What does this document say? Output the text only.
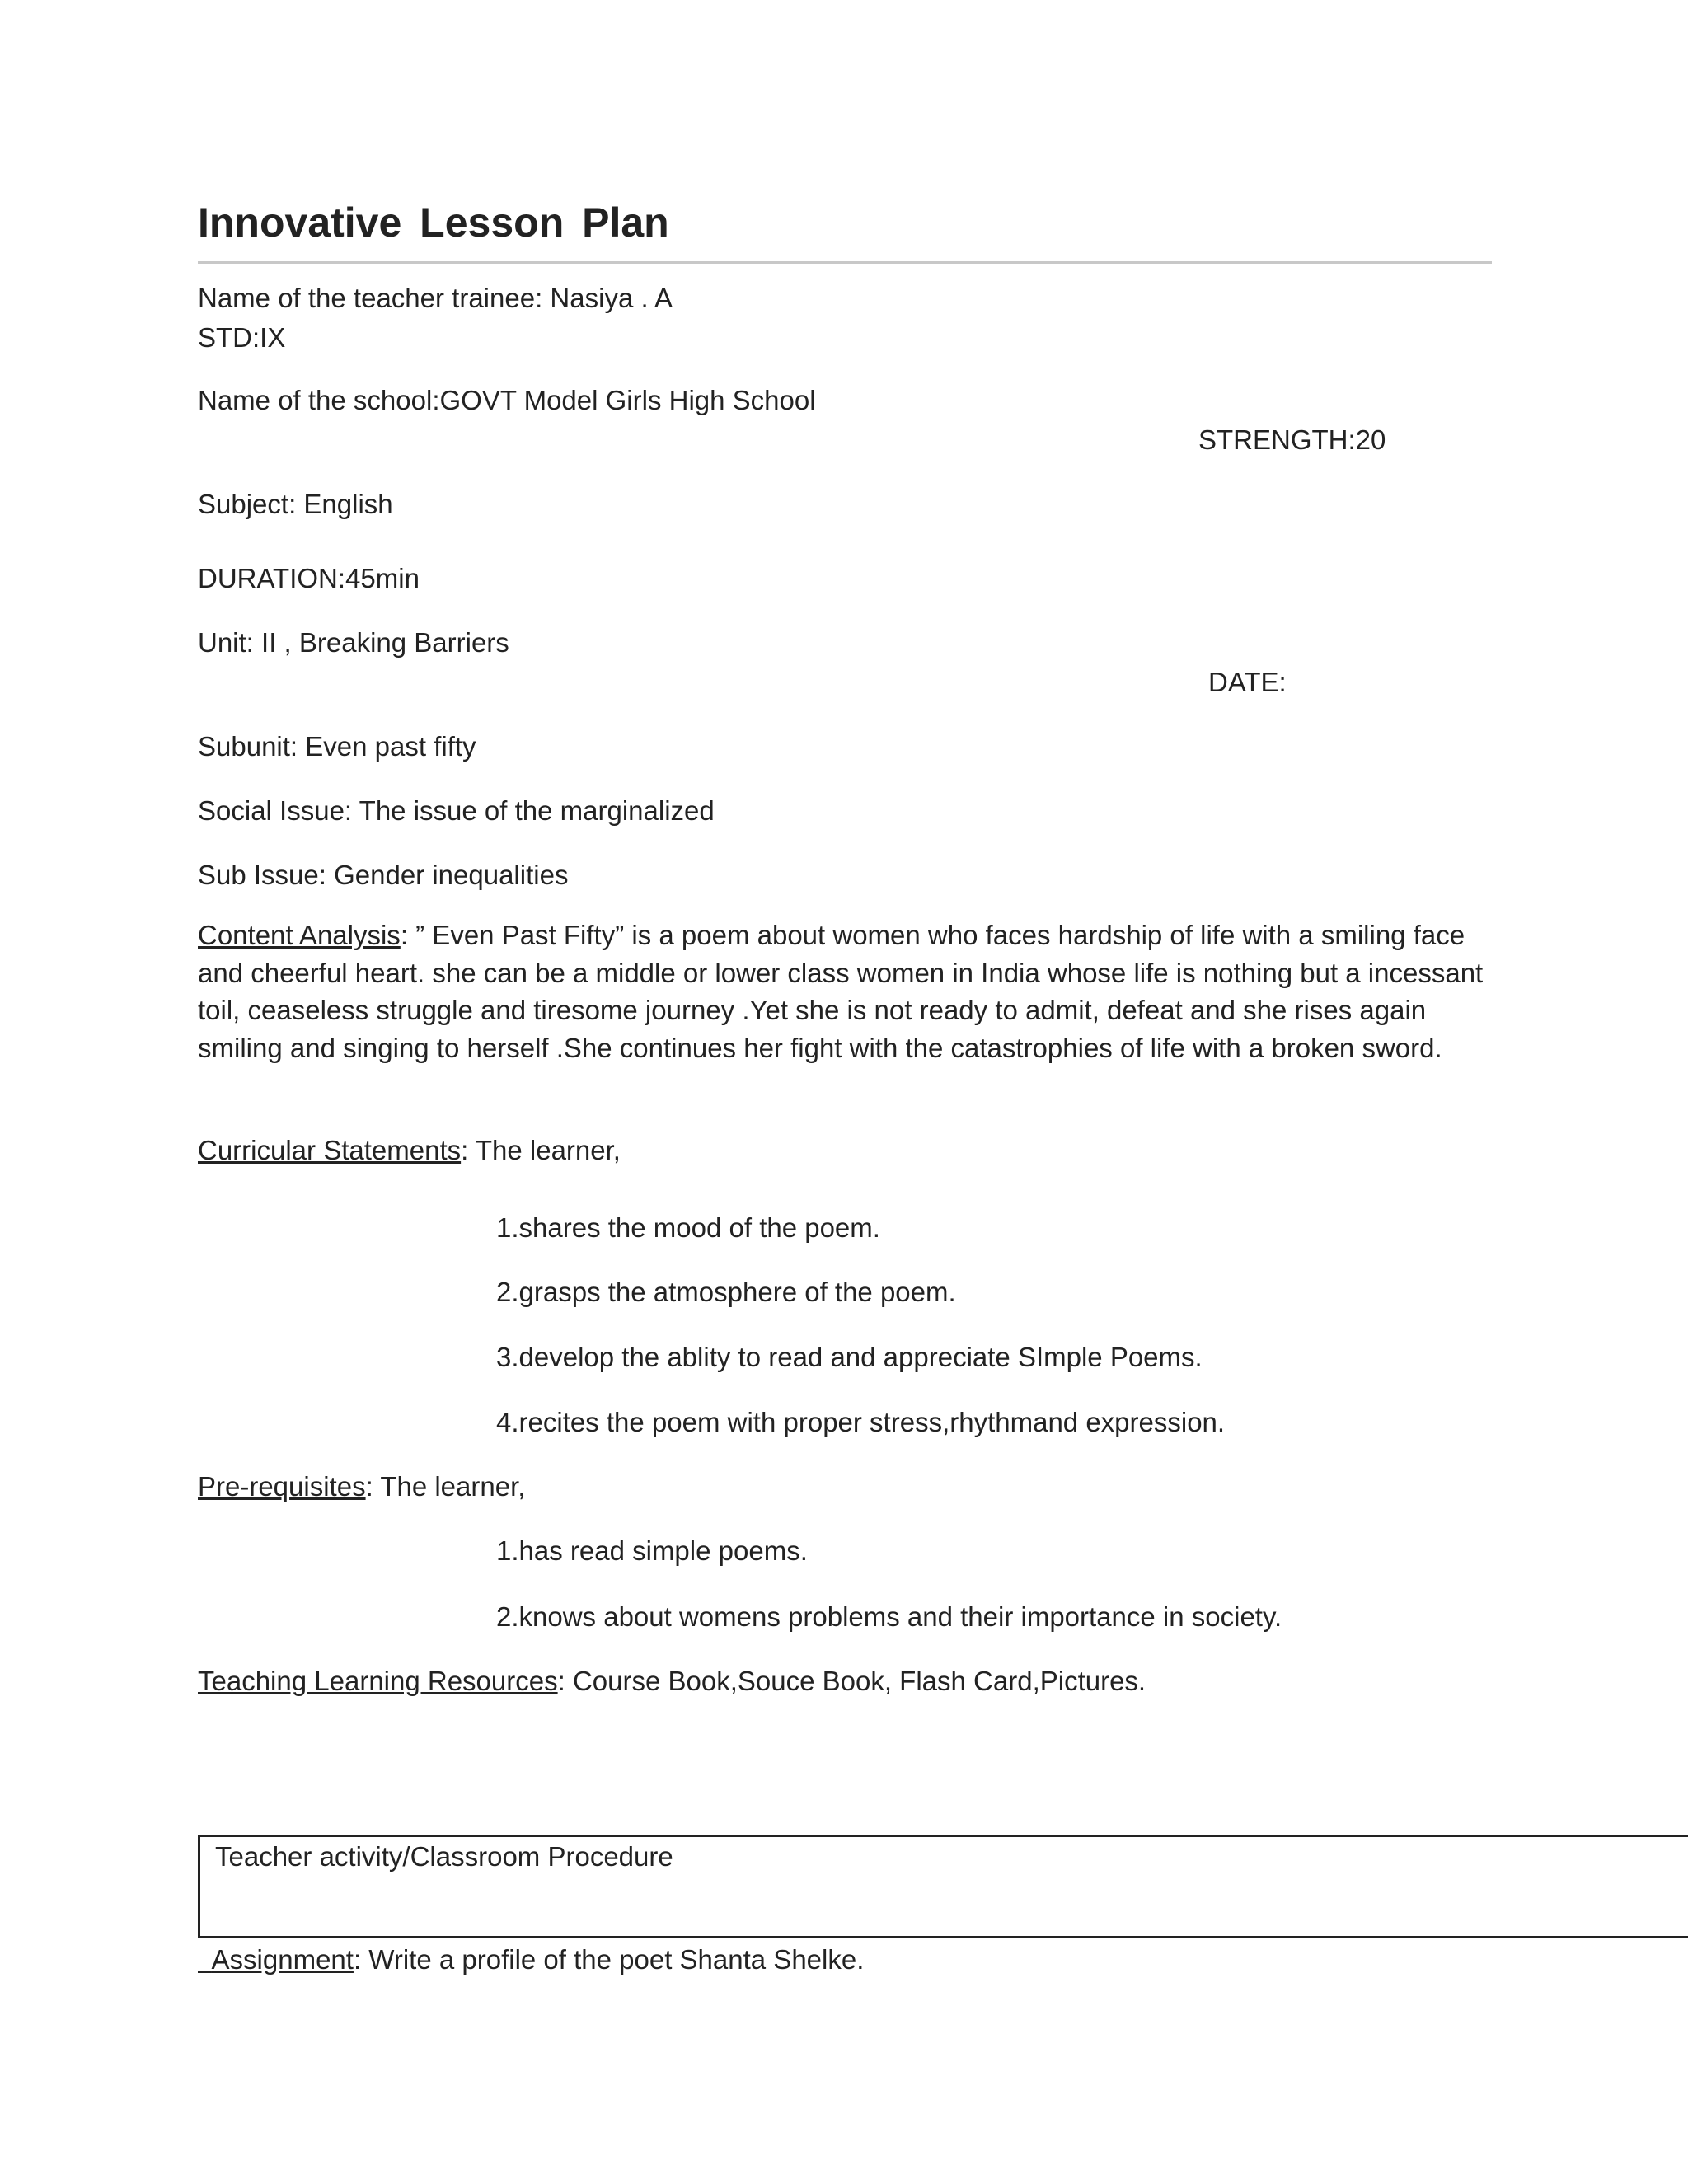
Innovative Lesson Plan
Name of the teacher trainee: Nasiya . A
STD:IX
Name of the school:GOVT Model Girls High School
STRENGTH:20
Subject: English
DURATION:45min
Unit: II , Breaking Barriers
DATE:
Subunit: Even past fifty
Social Issue: The issue of the marginalized
Sub Issue: Gender inequalities
Content Analysis: ” Even Past Fifty” is a poem about women who faces hardship of life with a smiling face and cheerful heart. she can be a middle or lower class women in India whose life is nothing but a incessant toil, ceaseless struggle and tiresome journey .Yet she is not ready to admit, defeat and she rises again smiling and singing to herself .She continues her fight with the catastrophies of life with a broken sword.
Curricular Statements: The learner,
1.shares the mood of the poem.
2.grasps the atmosphere of the poem.
3.develop the ablity to read and appreciate SImple Poems.
4.recites the poem with proper stress,rhythmand expression.
Pre-requisites: The learner,
1.has read simple poems.
2.knows about womens problems and their importance in society.
Teaching Learning Resources: Course Book,Souce Book, Flash Card,Pictures.
Teacher activity/Classroom Procedure
Assignment: Write a profile of the poet Shanta Shelke.
